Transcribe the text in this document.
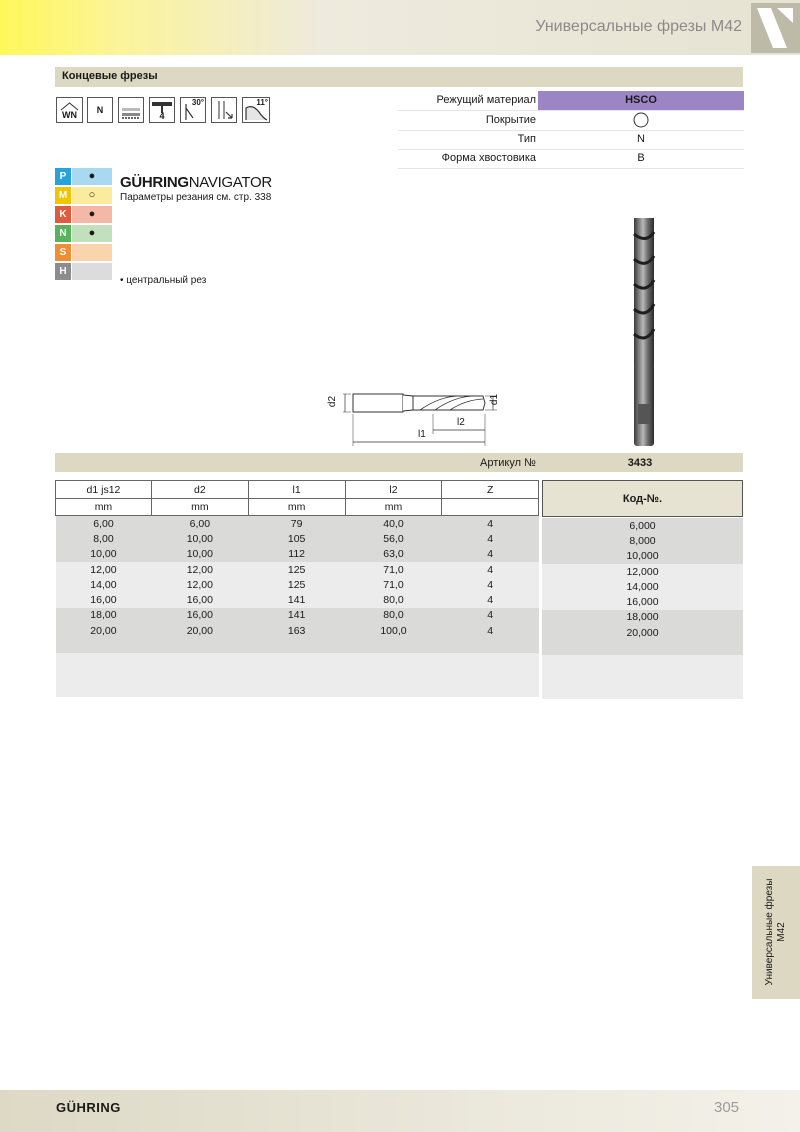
Универсальные фрезы M42
Концевые фрезы
WN	N
4
30°	11°	Режущий материал	HSCO
Покрытие
Тип	N
Форма хвостовика	B
P	●
M	○
K	●
N	●
S
H
GÜHRINGNAVIGATOR
Параметры резания см. стр. 338
• центральный рез
d2	d1
l2
l1
Артикул №	3433
d1 js12	d2	l1	l2	Z
mm	mm	mm	mm	
6,00	6,00	79	40,0	4
8,00	10,00	105	56,0	4
10,00	10,00	112	63,0	4
12,00	12,00	125	71,0	4
14,00	12,00	125	71,0	4
16,00	16,00	141	80,0	4
18,00	16,00	141	80,0	4
20,00	20,00	163	100,0	4

Код-№.
6,000
8,000
10,000
12,000
14,000
16,000
18,000
20,000

Универсальные фрезы M42
GÜHRING	305
